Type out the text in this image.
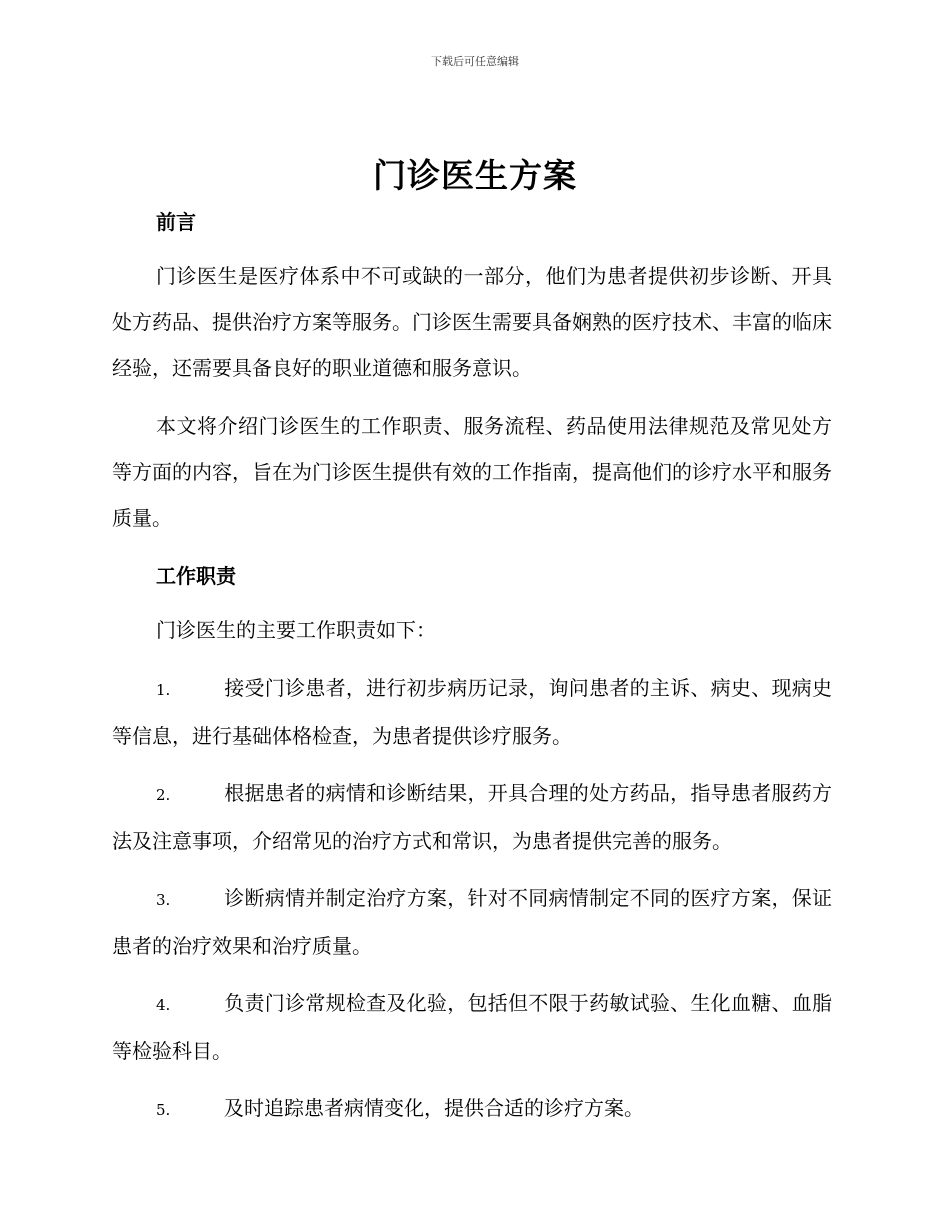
下载后可任意编辑
门诊医生方案
前言

门诊医生是医疗体系中不可或缺的一部分，他们为患者提供初步诊断、开具处方药品、提供治疗方案等服务。门诊医生需要具备娴熟的医疗技术、丰富的临床经验，还需要具备良好的职业道德和服务意识。

本文将介绍门诊医生的工作职责、服务流程、药品使用法律规范及常见处方等方面的内容，旨在为门诊医生提供有效的工作指南，提高他们的诊疗水平和服务质量。

工作职责

门诊医生的主要工作职责如下：

1.	接受门诊患者，进行初步病历记录，询问患者的主诉、病史、现病史等信息，进行基础体格检查，为患者提供诊疗服务。

2.	根据患者的病情和诊断结果，开具合理的处方药品，指导患者服药方法及注意事项，介绍常见的治疗方式和常识，为患者提供完善的服务。

3.	诊断病情并制定治疗方案，针对不同病情制定不同的医疗方案，保证患者的治疗效果和治疗质量。

4.	负责门诊常规检查及化验，包括但不限于药敏试验、生化血糖、血脂等检验科目。

5.	及时追踪患者病情变化，提供合适的诊疗方案。
